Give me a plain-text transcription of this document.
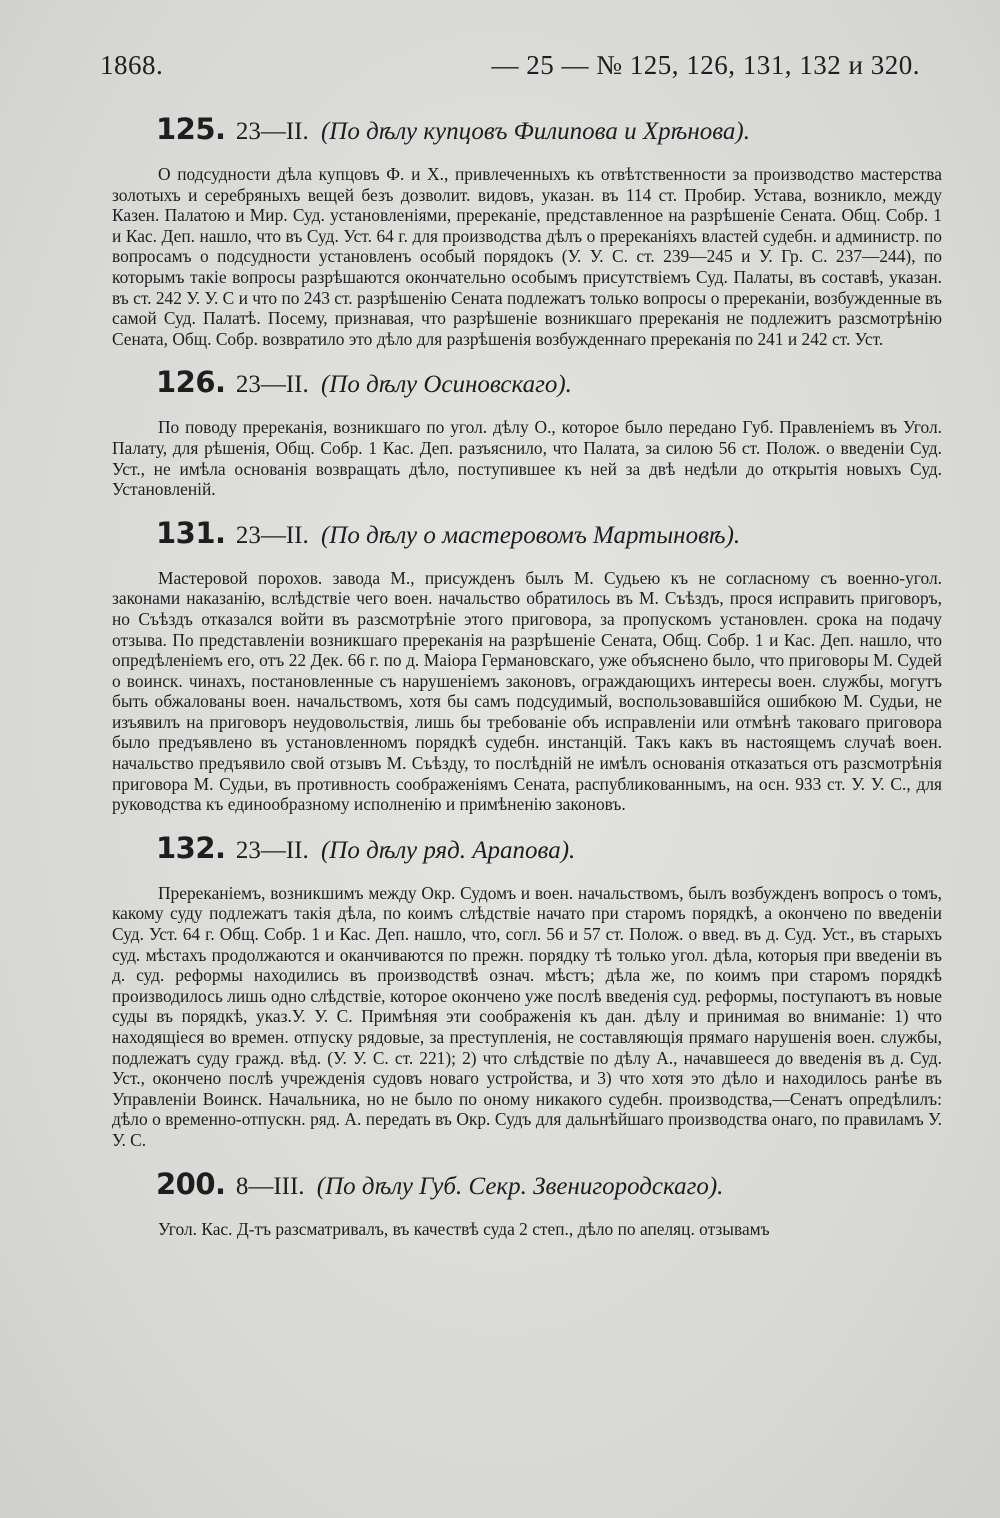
1868.	— 25 — № 125, 126, 131, 132 и 320.
125. 23—II. (По дѣлу купцовъ Филипова и Хрѣнова).

О подсудности дѣла купцовъ Ф. и Х., привлеченныхъ къ отвѣтственности за производство мастерства золотыхъ и серебряныхъ вещей безъ дозволит. видовъ, указан. въ 114 ст. Пробир. Устава, возникло, между Казен. Палатою и Мир. Суд. установленiями, пререканіе, представленное на разрѣшеніе Сената. Общ. Собр. 1 и Кас. Деп. нашло, что въ Суд. Уст. 64 г. для производства дѣлъ о пререканiяхъ властей судебн. и администр. по вопросамъ о подсудности установленъ особый порядокъ (У. У. С. ст. 239—245 и У. Гр. С. 237—244), по которымъ такiе вопросы разрѣшаются окончательно особымъ присутствiемъ Суд. Палаты, въ составѣ, указан. въ ст. 242 У. У. С и что по 243 ст. разрѣшенiю Сената подлежатъ только вопросы о пререканiи, возбужденные въ самой Суд. Палатѣ. Посему, признавая, что разрѣшенiе возникшаго пререканiя не подлежитъ разсмотрѣнiю Сената, Общ. Собр. возвратило это дѣло для разрѣшенiя возбужденнаго пререканiя по 241 и 242 ст. Уст.

126. 23—II. (По дѣлу Осиновскаго).

По поводу пререканiя, возникшаго по угол. дѣлу О., которое было передано Губ. Правленiемъ въ Угол. Палату, для рѣшенiя, Общ. Собр. 1 Кас. Деп. разъяснило, что Палата, за силою 56 ст. Полож. о введенiи Суд. Уст., не имѣла основанiя возвращать дѣло, поступившее къ ней за двѣ недѣли до открытiя новыхъ Суд. Установленiй.

131. 23—II. (По дѣлу о мастеровомъ Мартыновѣ).

Мастеровой порохов. завода М., присужденъ былъ М. Судьею къ не согласному съ военно-угол. законами наказанiю, вслѣдствiе чего воен. начальство обратилось въ М. Съѣздъ, прося исправить приговоръ, но Съѣздъ отказался войти въ разсмотрѣнiе этого приговора, за пропускомъ установлен. срока на подачу отзыва. По представленiи возникшаго пререканiя на разрѣшенiе Сената, Общ. Собр. 1 и Кас. Деп. нашло, что опредѣленiемъ его, отъ 22 Дек. 66 г. по д. Маiора Германовскаго, уже объяснено было, что приговоры М. Судей о воинск. чинахъ, постановленные съ нарушенiемъ законовъ, ограждающихъ интересы воен. службы, могутъ быть обжалованы воен. начальствомъ, хотя бы самъ подсудимый, воспользовавшiйся ошибкою М. Судьи, не изъявилъ на приговоръ неудовольствiя, лишь бы требованiе объ исправленiи или отмѣнѣ таковаго приговора было предъявлено въ установленномъ порядкѣ судебн. инстанцiй. Такъ какъ въ настоящемъ случаѣ воен. начальство предъявило свой отзывъ М. Съѣзду, то послѣднiй не имѣлъ основанiя отказаться отъ разсмотрѣнiя приговора М. Судьи, въ противность соображенiямъ Сената, распубликованнымъ, на осн. 933 ст. У. У. С., для руководства къ единообразному исполненiю и примѣненiю законовъ.

132. 23—II. (По дѣлу ряд. Арапова).

Пререканiемъ, возникшимъ между Окр. Судомъ и воен. начальствомъ, былъ возбужденъ вопросъ о томъ, какому суду подлежатъ такiя дѣла, по коимъ слѣдствiе начато при старомъ порядкѣ, а окончено по введенiи Суд. Уст. 64 г. Общ. Собр. 1 и Кас. Деп. нашло, что, согл. 56 и 57 ст. Полож. о введ. въ д. Суд. Уст., въ старыхъ суд. мѣстахъ продолжаются и оканчиваются по прежн. порядку тѣ только угол. дѣла, которыя при введенiи въ д. суд. реформы находились въ производствѣ означ. мѣстъ; дѣла же, по коимъ при старомъ порядкѣ производилось лишь одно слѣдствiе, которое окончено уже послѣ введенiя суд. реформы, поступаютъ въ новые суды въ порядкѣ, указ.У. У. С. Примѣняя эти соображенiя къ дан. дѣлу и принимая во вниманiе: 1) что находящiеся во времен. отпуску рядовые, за преступленiя, не составляющiя прямаго нарушенiя воен. службы, подлежатъ суду гражд. вѣд. (У. У. С. ст. 221); 2) что слѣдствiе по дѣлу А., начавшееся до введенiя въ д. Суд. Уст., окончено послѣ учрежденiя судовъ новаго устройства, и 3) что хотя это дѣло и находилось ранѣе въ Управленiи Воинск. Начальника, но не было по оному никакого судебн. производства,—Сенатъ опредѣлилъ: дѣло о временно-отпускн. ряд. А. передать въ Окр. Судъ для дальнѣйшаго производства онаго, по правиламъ У. У. С.

200. 8—III. (По дѣлу Губ. Секр. Звенигородскаго).

Угол. Кас. Д-тъ разсматривалъ, въ качествѣ суда 2 степ., дѣло по апеляц. отзывамъ
